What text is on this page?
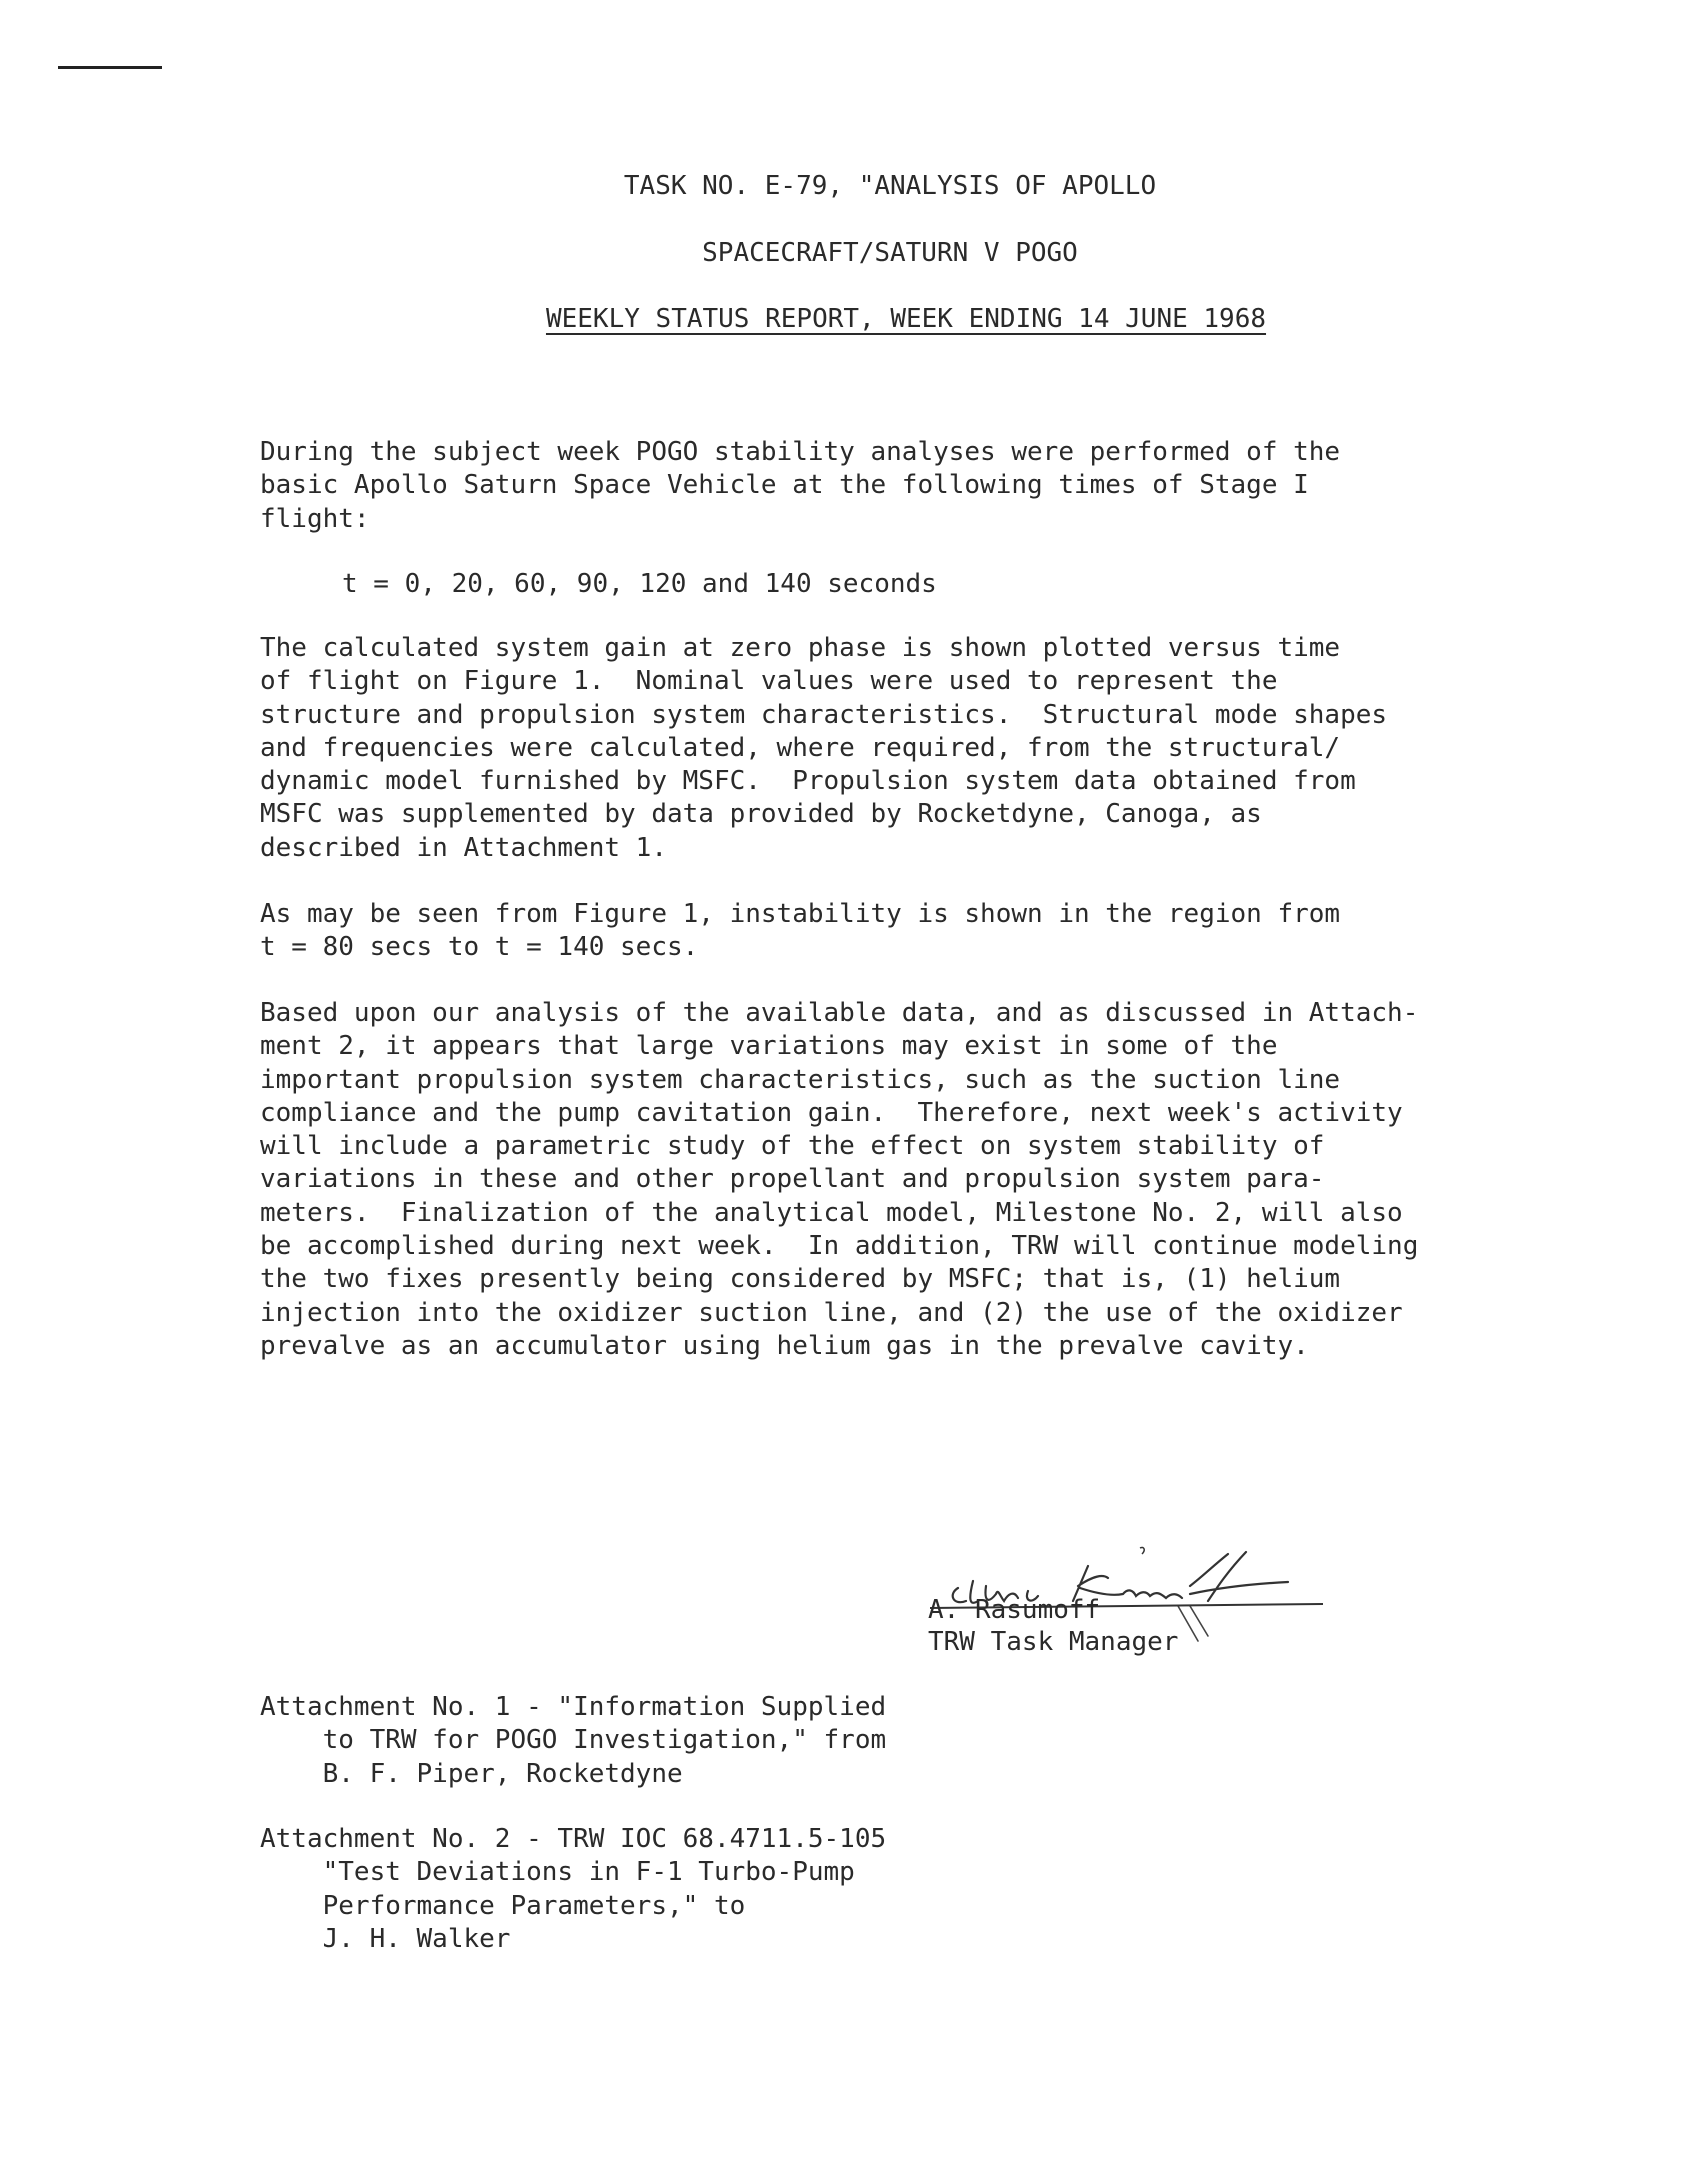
TASK NO. E-79, "ANALYSIS OF APOLLO
SPACECRAFT/SATURN V POGO
WEEKLY STATUS REPORT, WEEK ENDING 14 JUNE 1968
During the subject week POGO stability analyses were performed of the
basic Apollo Saturn Space Vehicle at the following times of Stage I
flight:
t = 0, 20, 60, 90, 120 and 140 seconds
The calculated system gain at zero phase is shown plotted versus time
of flight on Figure 1.  Nominal values were used to represent the
structure and propulsion system characteristics.  Structural mode shapes
and frequencies were calculated, where required, from the structural/
dynamic model furnished by MSFC.  Propulsion system data obtained from
MSFC was supplemented by data provided by Rocketdyne, Canoga, as
described in Attachment 1.
As may be seen from Figure 1, instability is shown in the region from
t = 80 secs to t = 140 secs.
Based upon our analysis of the available data, and as discussed in Attach-
ment 2, it appears that large variations may exist in some of the
important propulsion system characteristics, such as the suction line
compliance and the pump cavitation gain.  Therefore, next week's activity
will include a parametric study of the effect on system stability of
variations in these and other propellant and propulsion system para-
meters.  Finalization of the analytical model, Milestone No. 2, will also
be accomplished during next week.  In addition, TRW will continue modeling
the two fixes presently being considered by MSFC; that is, (1) helium
injection into the oxidizer suction line, and (2) the use of the oxidizer
prevalve as an accumulator using helium gas in the prevalve cavity.
A. Rasumoff
TRW Task Manager
Attachment No. 1 - "Information Supplied
to TRW for POGO Investigation," from
B. F. Piper, Rocketdyne
Attachment No. 2 - TRW IOC 68.4711.5-105
"Test Deviations in F-1 Turbo-Pump
Performance Parameters," to
J. H. Walker
